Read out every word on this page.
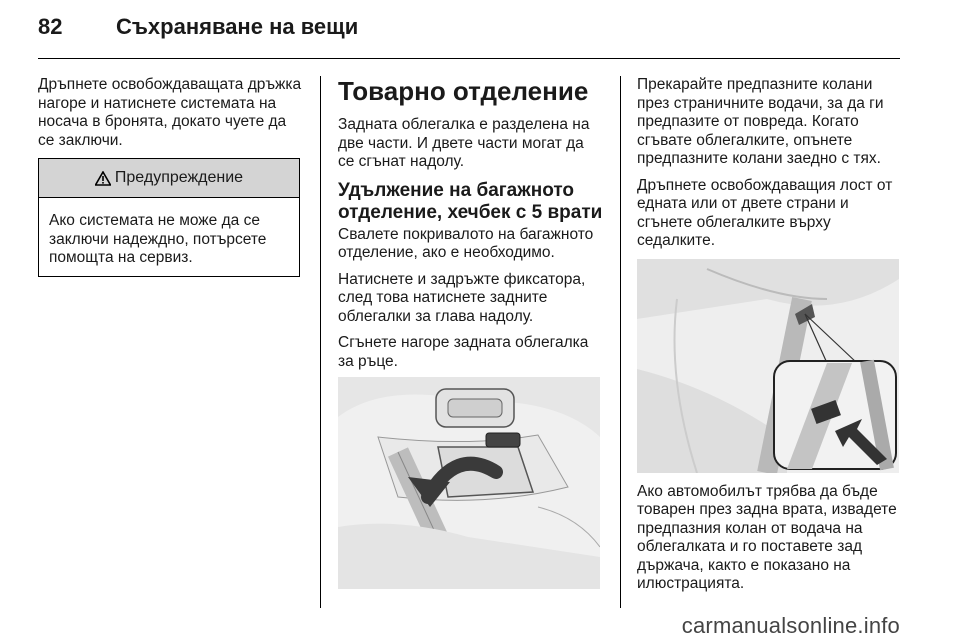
82 Съхраняване на вещи

Дръпнете освобождаващата дръжка нагоре и натиснете системата на носача в бронята, докато чуете да се заключи.

Предупреждение
Ако системата не може да се заключи надеждно, потърсете помощта на сервиз.
Товарно отделение

Задната облегалка е разделена на две части. И двете части могат да се сгънат надолу.

Удължение на багажното отделение, хечбек с 5 врати

Свалете покривалото на багажното отделение, ако е необходимо.

Натиснете и задръжте фиксатора, след това натиснете задните облегалки за глава надолу.

Сгънете нагоре задната облегалка за ръце.

Прекарайте предпазните колани през страничните водачи, за да ги предпазите от повреда. Когато сгъвате облегалките, опънете предпазните колани заедно с тях.

Дръпнете освобождаващия лост от едната или от двете страни и сгънете облегалките върху седалките.

Ако автомобилът трябва да бъде товарен през задна врата, извадете предпазния колан от водача на облегалката и го поставете зад държача, както е показано на илюстрацията.

carmanualsonline.info
